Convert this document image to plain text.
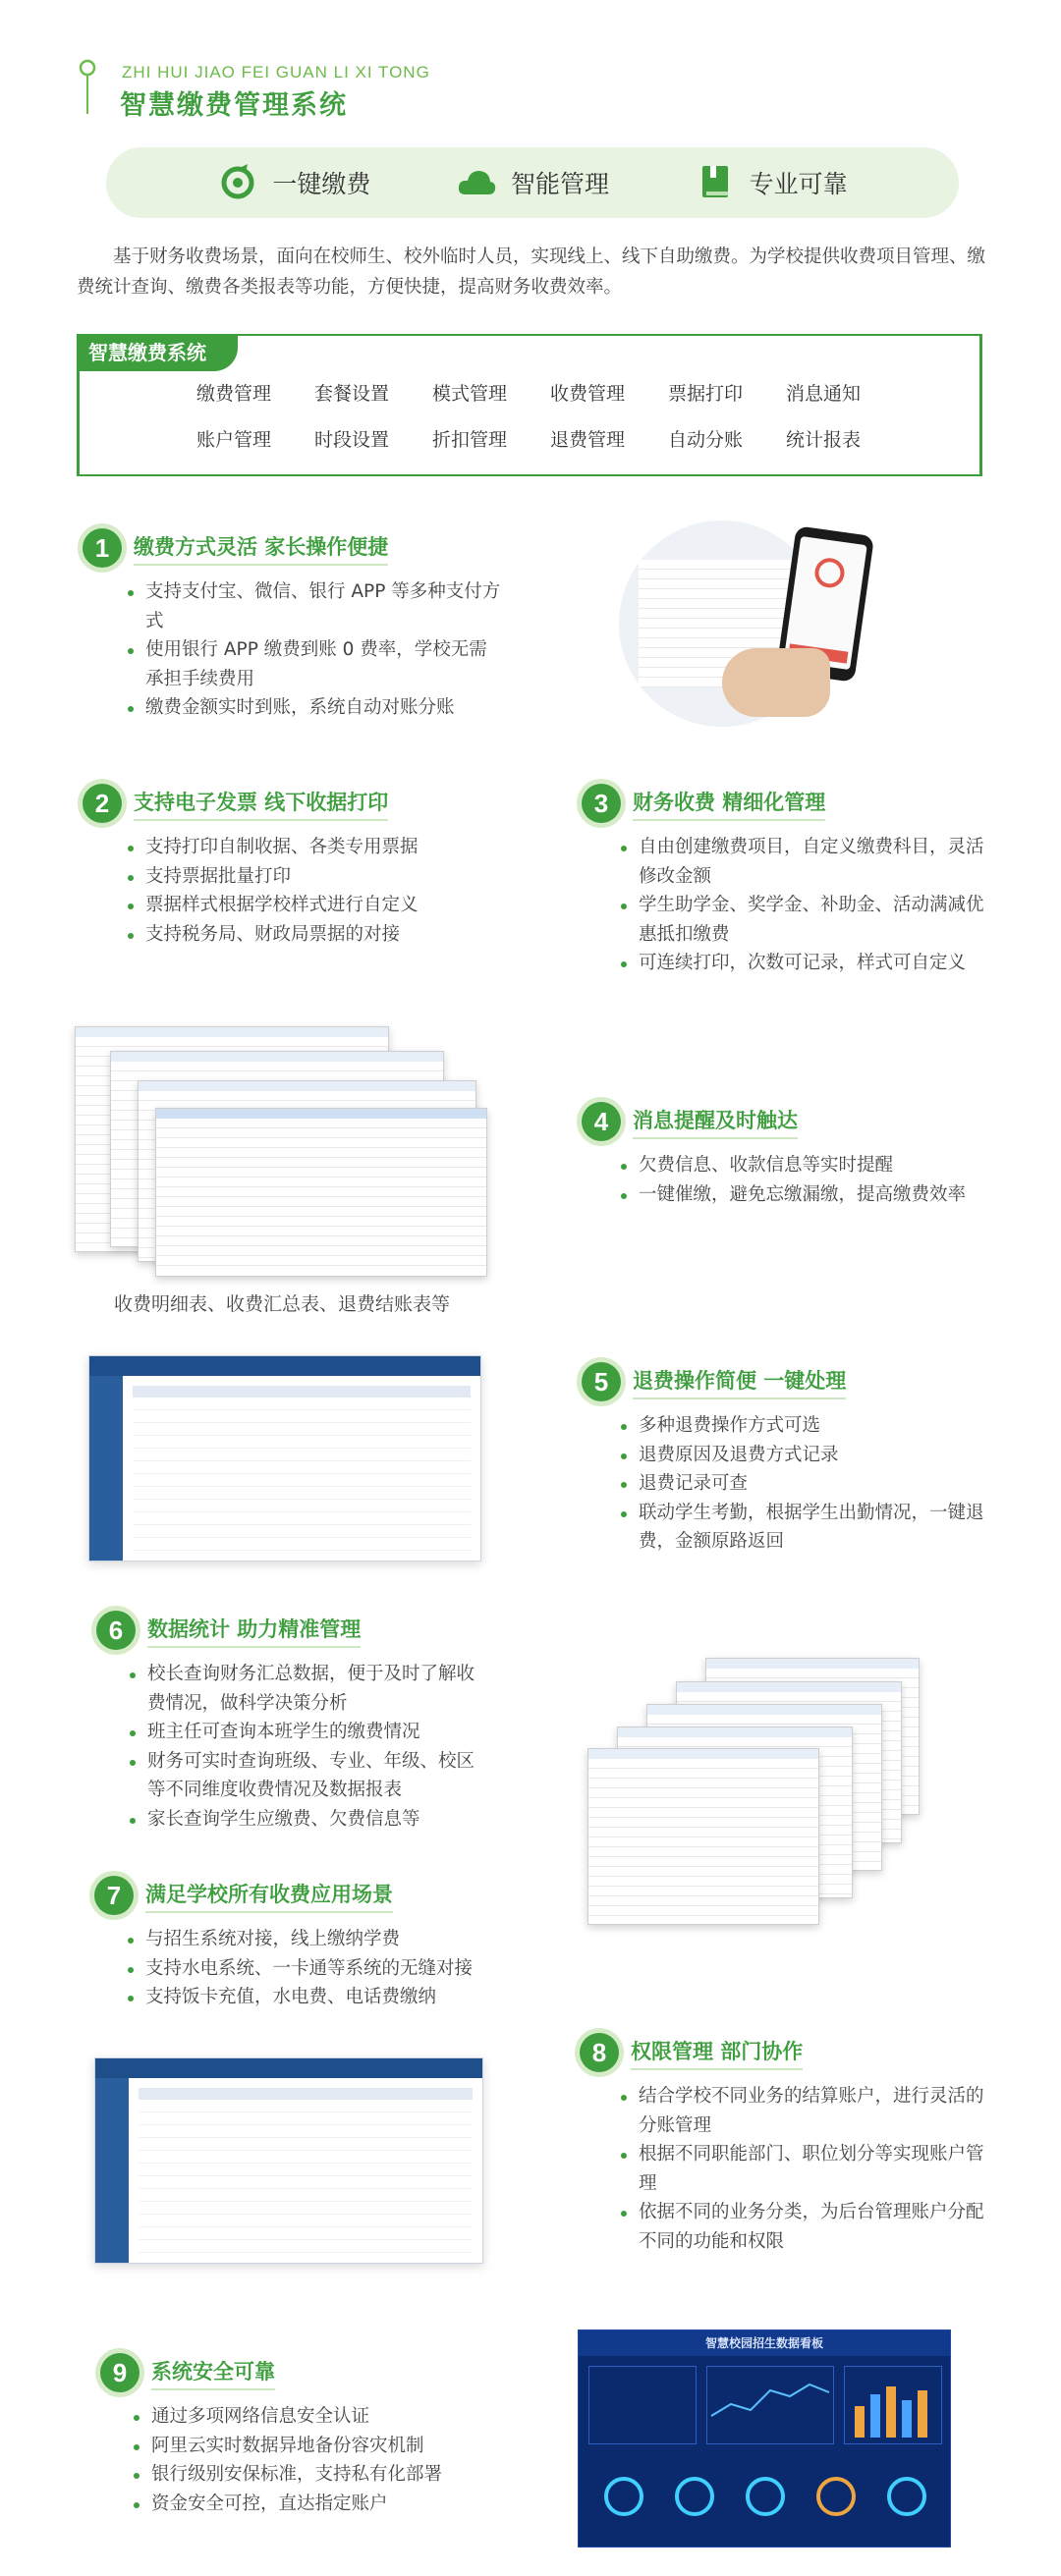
ZHI HUI JIAO FEI GUAN LI XI TONG
智慧缴费管理系统
一键缴费	智能管理	专业可靠

基于财务收费场景，面向在校师生、校外临时人员，实现线上、线下自助缴费。为学校提供收费项目管理、缴费统计查询、缴费各类报表等功能，方便快捷，提高财务收费效率。

智慧缴费系统
缴费管理	套餐设置	模式管理	收费管理	票据打印	消息通知
账户管理	时段设置	折扣管理	退费管理	自动分账	统计报表
1	缴费方式灵活 家长操作便捷
支持支付宝、微信、银行 APP 等多种支付方式
使用银行 APP 缴费到账 0 费率，学校无需承担手续费用
缴费金额实时到账，系统自动对账分账
2	支持电子发票 线下收据打印
支持打印自制收据、各类专用票据
支持票据批量打印
票据样式根据学校样式进行自定义
支持税务局、财政局票据的对接
3	财务收费 精细化管理
自由创建缴费项目，自定义缴费科目，灵活修改金额
学生助学金、奖学金、补助金、活动满减优惠抵扣缴费
可连续打印，次数可记录，样式可自定义
收费明细表、收费汇总表、退费结账表等
4	消息提醒及时触达
欠费信息、收款信息等实时提醒
一键催缴，避免忘缴漏缴，提高缴费效率
5	退费操作简便 一键处理
多种退费操作方式可选
退费原因及退费方式记录
退费记录可查
联动学生考勤，根据学生出勤情况，一键退费，金额原路返回
6	数据统计 助力精准管理
校长查询财务汇总数据，便于及时了解收费情况，做科学决策分析
班主任可查询本班学生的缴费情况
财务可实时查询班级、专业、年级、校区等不同维度收费情况及数据报表
家长查询学生应缴费、欠费信息等
7	满足学校所有收费应用场景
与招生系统对接，线上缴纳学费
支持水电系统、一卡通等系统的无缝对接
支持饭卡充值，水电费、电话费缴纳
8	权限管理 部门协作
结合学校不同业务的结算账户，进行灵活的分账管理
根据不同职能部门、职位划分等实现账户管理
依据不同的业务分类，为后台管理账户分配不同的功能和权限
9	系统安全可靠
通过多项网络信息安全认证
阿里云实时数据异地备份容灾机制
银行级别安保标准，支持私有化部署
资金安全可控，直达指定账户
智慧校园招生数据看板
